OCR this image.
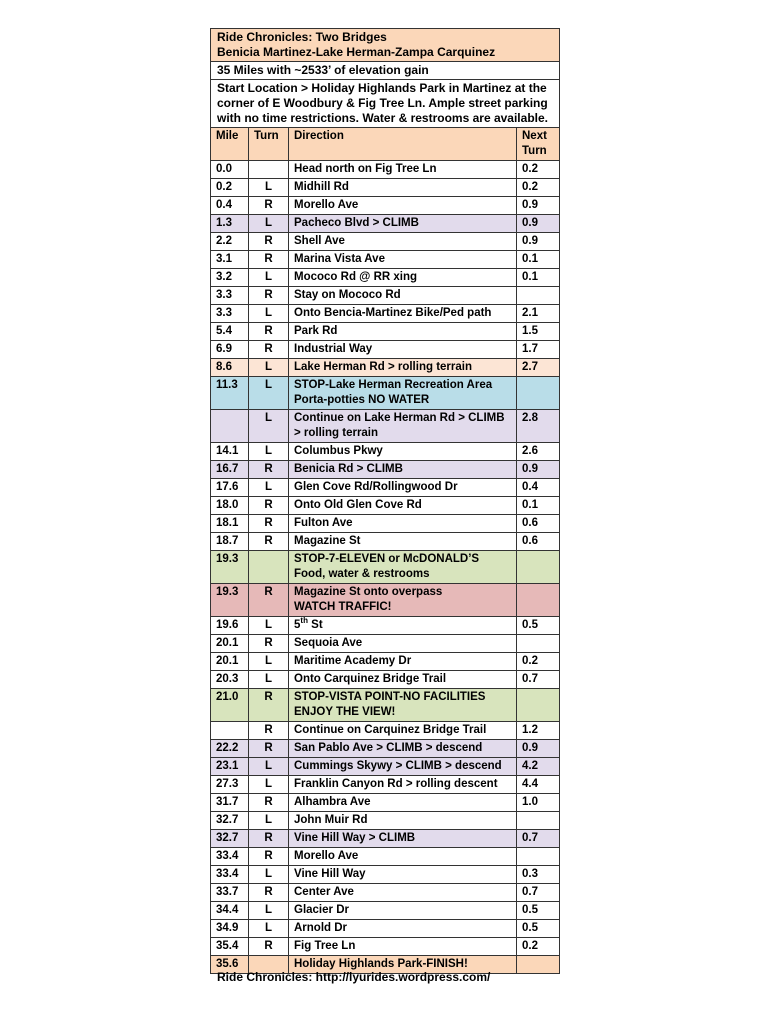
Ride Chronicles: Two Bridges
Benicia Martinez-Lake Herman-Zampa Carquinez			

35 Miles with ~2533’ of elevation gain			
Start Location > Holiday Highlands Park in Martinez at the corner of E Woodbury & Fig Tree Ln. Ample street parking with no time restrictions. Water & restrooms are available.			
Mile	Turn	Direction	Next Turn
0.0		Head north on Fig Tree Ln	0.2
0.2	L	Midhill Rd	0.2
0.4	R	Morello Ave	0.9
1.3	L	Pacheco Blvd > CLIMB	0.9
2.2	R	Shell Ave	0.9
3.1	R	Marina Vista Ave	0.1
3.2	L	Mococo Rd @ RR xing	0.1
3.3	R	Stay on Mococo Rd	

3.3	L	Onto Bencia-Martinez Bike/Ped path	2.1
5.4	R	Park Rd	1.5
6.9	R	Industrial Way	1.7
8.6	L	Lake Herman Rd > rolling terrain	2.7
11.3	L	STOP-Lake Herman Recreation Area
Porta-potties NO WATER	

	L	Continue on Lake Herman Rd > CLIMB
> rolling terrain	2.8
14.1	L	Columbus Pkwy	2.6
16.7	R	Benicia Rd > CLIMB	0.9
17.6	L	Glen Cove Rd/Rollingwood Dr	0.4
18.0	R	Onto Old Glen Cove Rd	0.1
18.1	R	Fulton Ave	0.6
18.7	R	Magazine St	0.6
19.3		STOP-7-ELEVEN or McDONALD’S
Food, water & restrooms	

19.3	R	Magazine St onto overpass
WATCH TRAFFIC!	

19.6	L	5th St	0.5
20.1	R	Sequoia Ave	

20.1	L	Maritime Academy Dr	0.2
20.3	L	Onto Carquinez Bridge Trail	0.7
21.0	R	STOP-VISTA POINT-NO FACILITIES
ENJOY THE VIEW!	

	R	Continue on Carquinez Bridge Trail	1.2
22.2	R	San Pablo Ave > CLIMB > descend	0.9
23.1	L	Cummings Skywy > CLIMB > descend	4.2
27.3	L	Franklin Canyon Rd > rolling descent	4.4
31.7	R	Alhambra Ave	1.0
32.7	L	John Muir Rd	

32.7	R	Vine Hill Way > CLIMB	0.7
33.4	R	Morello Ave	

33.4	L	Vine Hill Way	0.3
33.7	R	Center Ave	0.7
34.4	L	Glacier Dr	0.5
34.9	L	Arnold Dr	0.5
35.4	R	Fig Tree Ln	0.2
35.6		Holiday Highlands Park-FINISH!	

Ride Chronicles: http://lyurides.wordpress.com/
